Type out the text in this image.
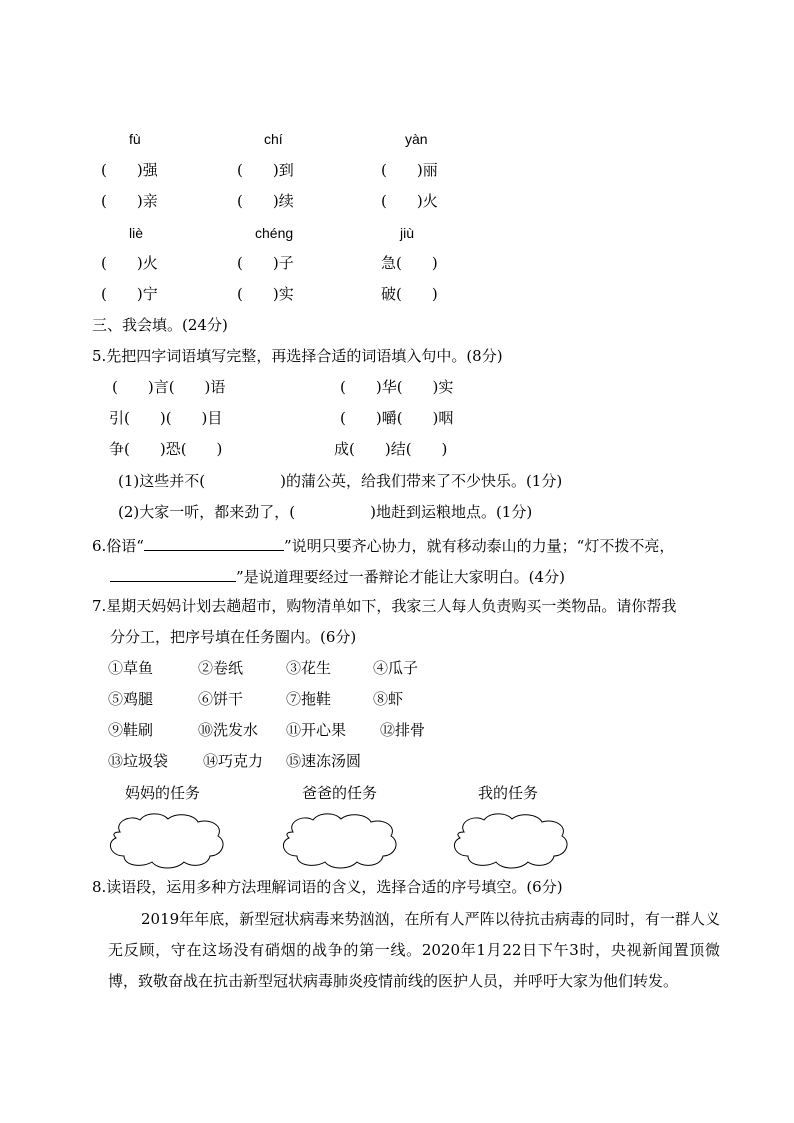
fù	chí	yàn
(　　)强	(　　)到	(　　)丽
(　　)亲	(　　)续	(　　)火
liè	chéng	jiù
(　　)火	(　　)子	急(　　)
(　　)宁	(　　)实	破(　　)
三、我会填。(24分)
5.先把四字词语填写完整，再选择合适的词语填入句中。(8分)
(　　)言(　　)语	(　　)华(　　)实
引(　　)(　　)目	(　　)嚼(　　)咽
争(　　)恐(　　)	成(　　)结(　　)
(1)这些并不(　　　　　)的蒲公英，给我们带来了不少快乐。(1分)
(2)大家一听，都来劲了，(　　　　　)地赶到运粮地点。(1分)
6.俗语“	”说明只要齐心协力，就有移动泰山的力量；“灯不拨不亮，
”是说道理要经过一番辩论才能让大家明白。(4分)
7.星期天妈妈计划去趟超市，购物清单如下，我家三人每人负责购买一类物品。请你帮我
分分工，把序号填在任务圈内。(6分)
①草鱼	②卷纸	③花生	④瓜子
⑤鸡腿	⑥饼干	⑦拖鞋	⑧虾
⑨鞋刷	⑩洗发水 ⑪开心果 ⑫排骨
⑬垃圾袋 ⑭巧克力 ⑮速冻汤圆
妈妈的任务	爸爸的任务	我的任务
8.读语段，运用多种方法理解词语的含义，选择合适的序号填空。(6分)
2019年年底，新型冠状病毒来势汹汹，在所有人严阵以待抗击病毒的同时，有一群人义无反顾，守在这场没有硝烟的战争的第一线。2020年1月22日下午3时，央视新闻置顶微博，致敬奋战在抗击新型冠状病毒肺炎疫情前线的医护人员，并呼吁大家为他们转发。
